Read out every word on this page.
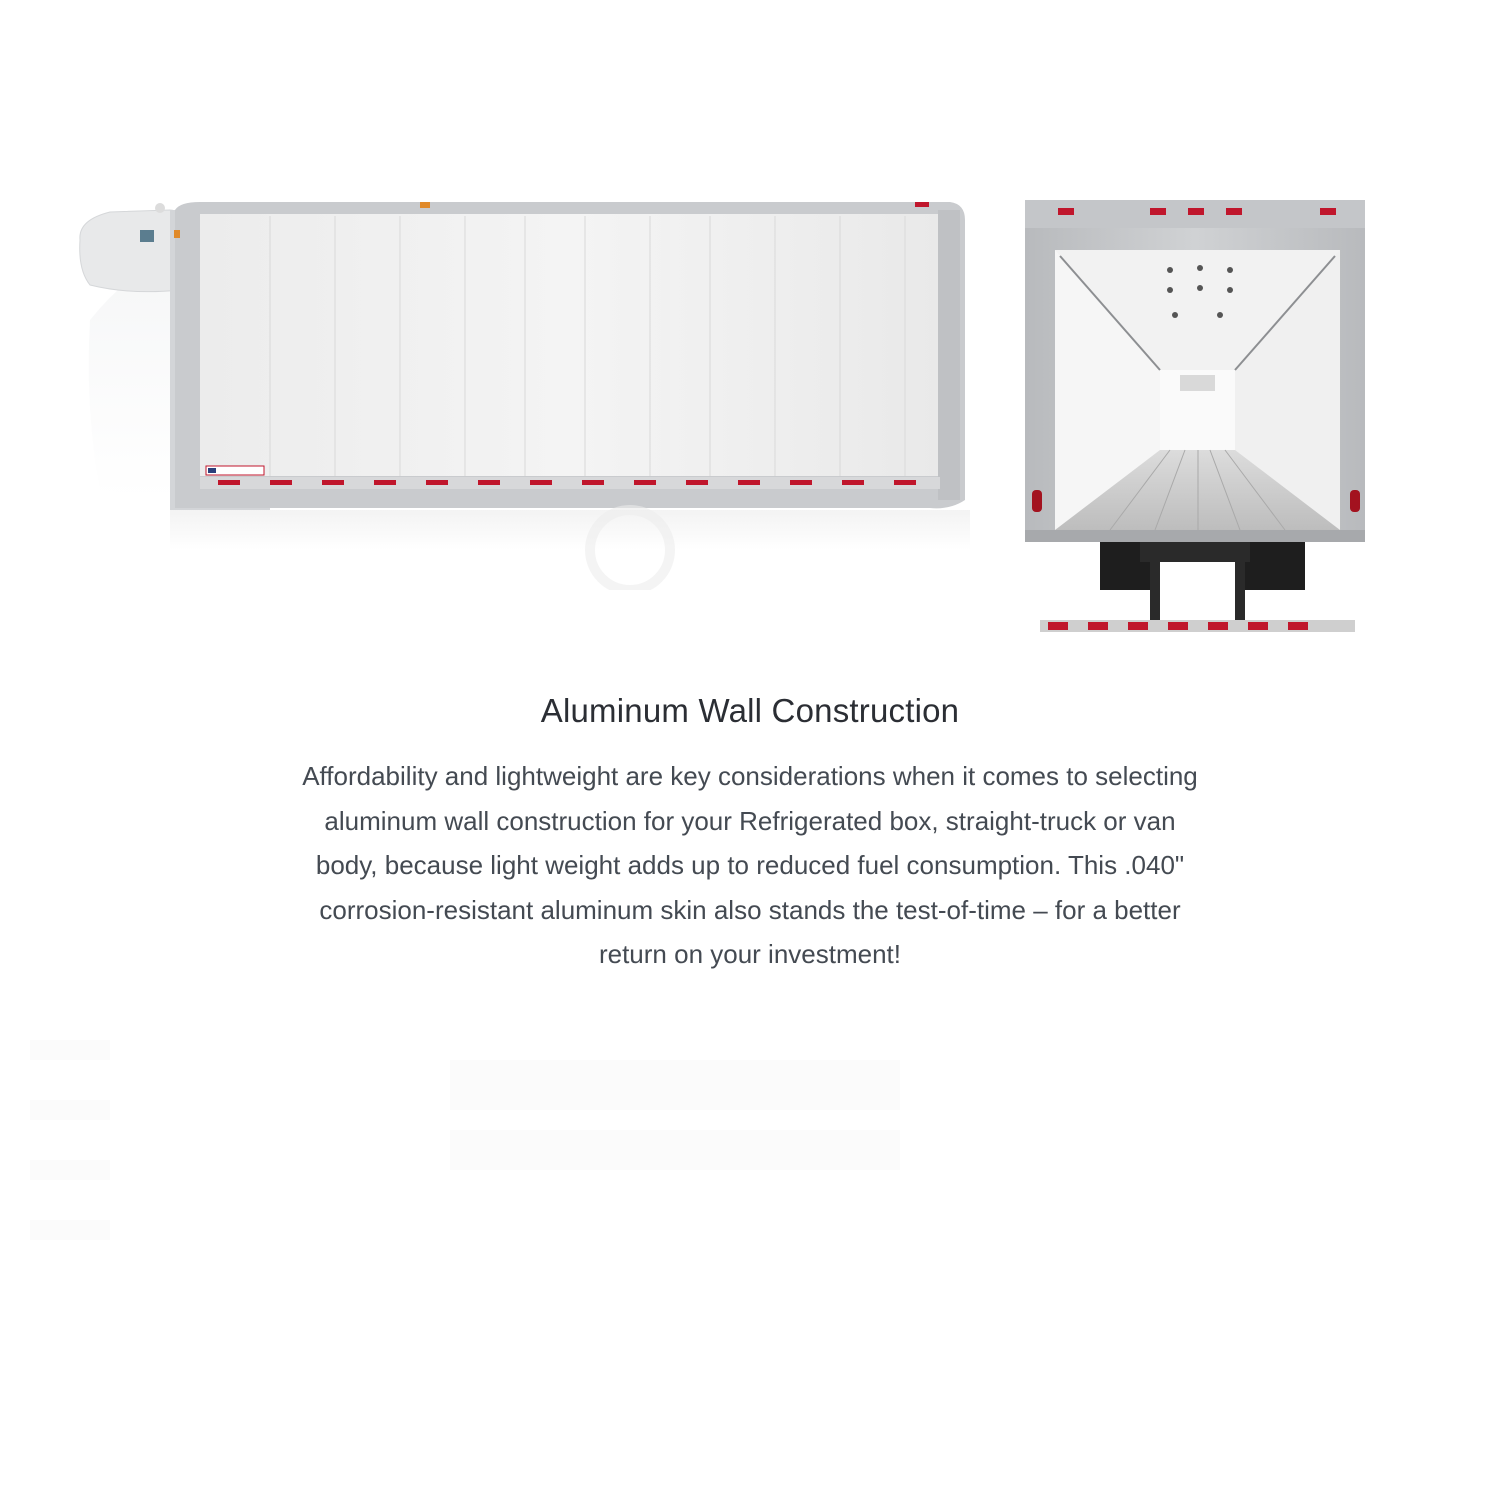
Aluminum Wall Construction

Affordability and lightweight are key considerations when it comes to selecting aluminum wall construction for your Refrigerated box, straight-truck or van body, because light weight adds up to reduced fuel consumption. This .040" corrosion-resistant aluminum skin also stands the test-of-time – for a better return on your investment!
